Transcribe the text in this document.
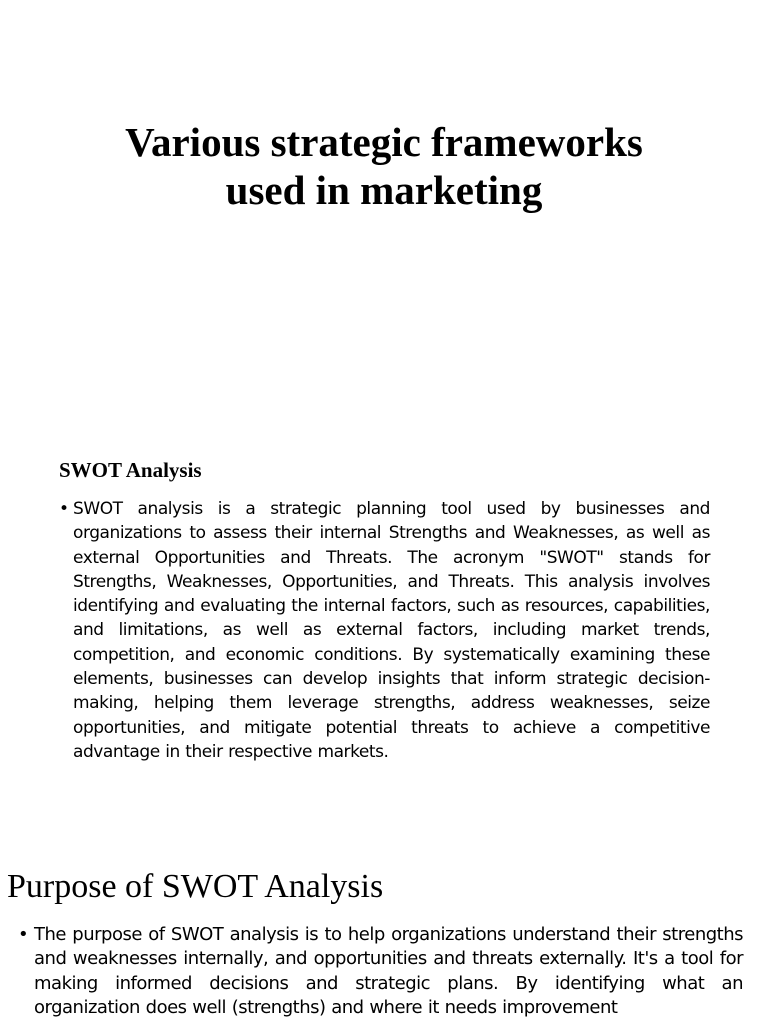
Various strategic frameworks
used in marketing
SWOT Analysis
• SWOT analysis is a strategic planning tool used by businesses and organizations to assess their internal Strengths and Weaknesses, as well as external Opportunities and Threats. The acronym "SWOT" stands for Strengths, Weaknesses, Opportunities, and Threats. This analysis involves identifying and evaluating the internal factors, such as resources, capabilities, and limitations, as well as external factors, including market trends, competition, and economic conditions. By systematically examining these elements, businesses can develop insights that inform strategic decision-making, helping them leverage strengths, address weaknesses, seize opportunities, and mitigate potential threats to achieve a competitive advantage in their respective markets.

Purpose of SWOT Analysis
• The purpose of SWOT analysis is to help organizations understand their strengths and weaknesses internally, and opportunities and threats externally. It's a tool for making informed decisions and strategic plans. By identifying what an organization does well (strengths) and where it needs improvement
